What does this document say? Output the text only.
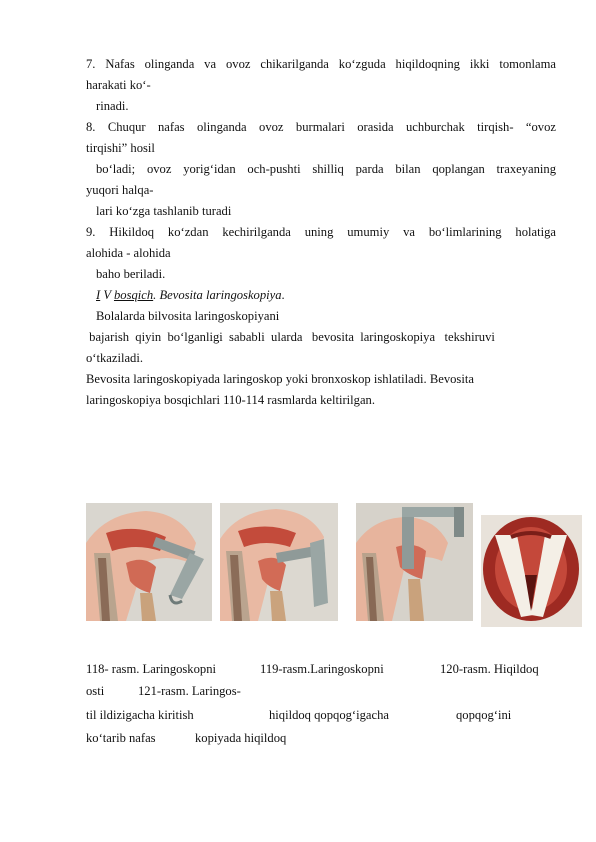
7. Nafas olinganda va ovoz chikarilganda ko‘zguda hiqildoqning ikki tomonlama
harakati ko‘-
rinadi.
8. Chuqur nafas olinganda ovoz burmalari orasida uchburchak tirqish- “ovoz
tirqishi” hosil
bo‘ladi; ovoz yorig‘idan och-pushti shilliq parda bilan qoplangan traxeyaning
yuqori halqa-
lari ko‘zga tashlanib turadi
9. Hikildoq ko‘zdan kechirilganda uning umumiy va bo‘limlarining holatiga
alohida - alohida
baho beriladi.
I V bosqich. Bevosita laringoskopiya.
Bolalarda bilvosita laringoskopiyani
bajarish  qiyin  bo‘lganligi  sababli  ularda   bevosita  laringoskopiya   tekshiruvi
o‘tkaziladi.
Bevosita laringoskopiyada laringoskop yoki bronxoskop ishlatiladi. Bevosita
laringoskopiya bosqichlari 110-114 rasmlarda keltirilgan.
118- rasm. Laringoskopni	119-rasm.Laringoskopni	120-rasm. Hiqildoq
osti	121-rasm. Laringos-
til ildizigacha kiritish	hiqildoq qopqog‘igacha	qopqog‘ini
ko‘tarib nafas	kopiyada hiqildoq
